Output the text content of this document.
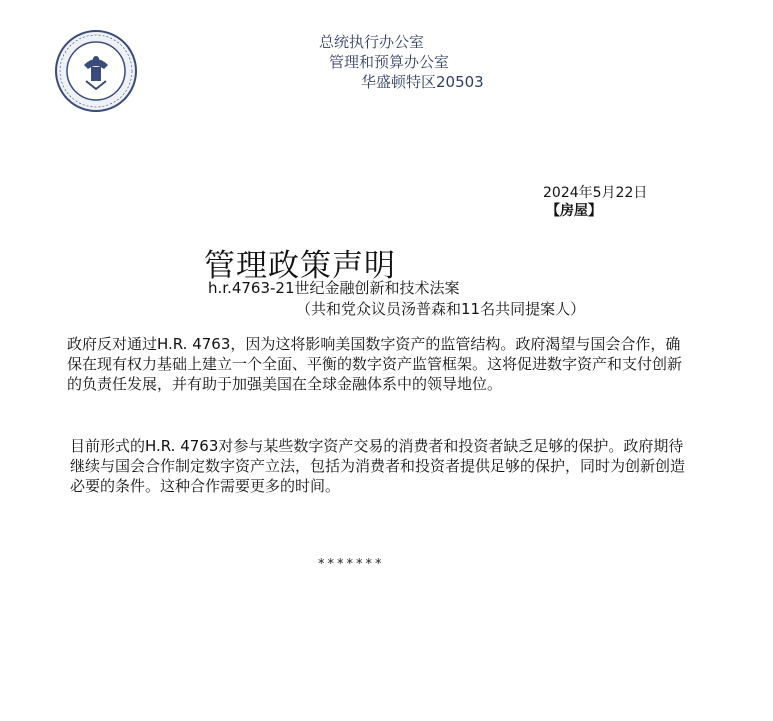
总统执行办公室
管理和预算办公室
华盛顿特区20503
2024年5月22日
【房屋】
管理政策声明
h.r.4763-21世纪金融创新和技术法案
（共和党众议员汤普森和11名共同提案人）
政府反对通过H.R. 4763，因为这将影响美国数字资产的监管结构。政府渴望与国会合作，确保在现有权力基础上建立一个全面、平衡的数字资产监管框架。这将促进数字资产和支付创新的负责任发展，并有助于加强美国在全球金融体系中的领导地位。
目前形式的H.R. 4763对参与某些数字资产交易的消费者和投资者缺乏足够的保护。政府期待继续与国会合作制定数字资产立法，包括为消费者和投资者提供足够的保护，同时为创新创造必要的条件。这种合作需要更多的时间。
*******
